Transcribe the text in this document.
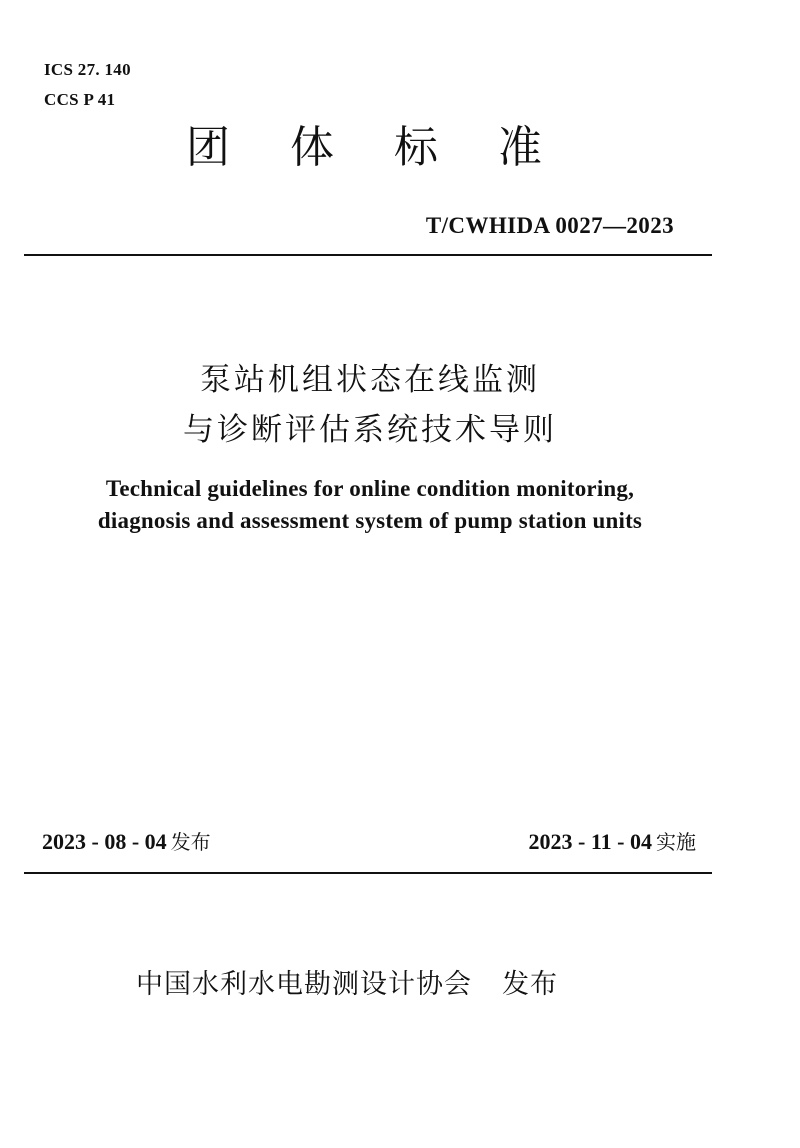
ICS 27. 140
CCS P 41
团体标准
T/CWHIDA 0027—2023
泵站机组状态在线监测
与诊断评估系统技术导则
Technical guidelines for online condition monitoring,
diagnosis and assessment system of pump station units
2023 - 08 - 04 发布	2023 - 11 - 04 实施
中国水利水电勘测设计协会 发布
